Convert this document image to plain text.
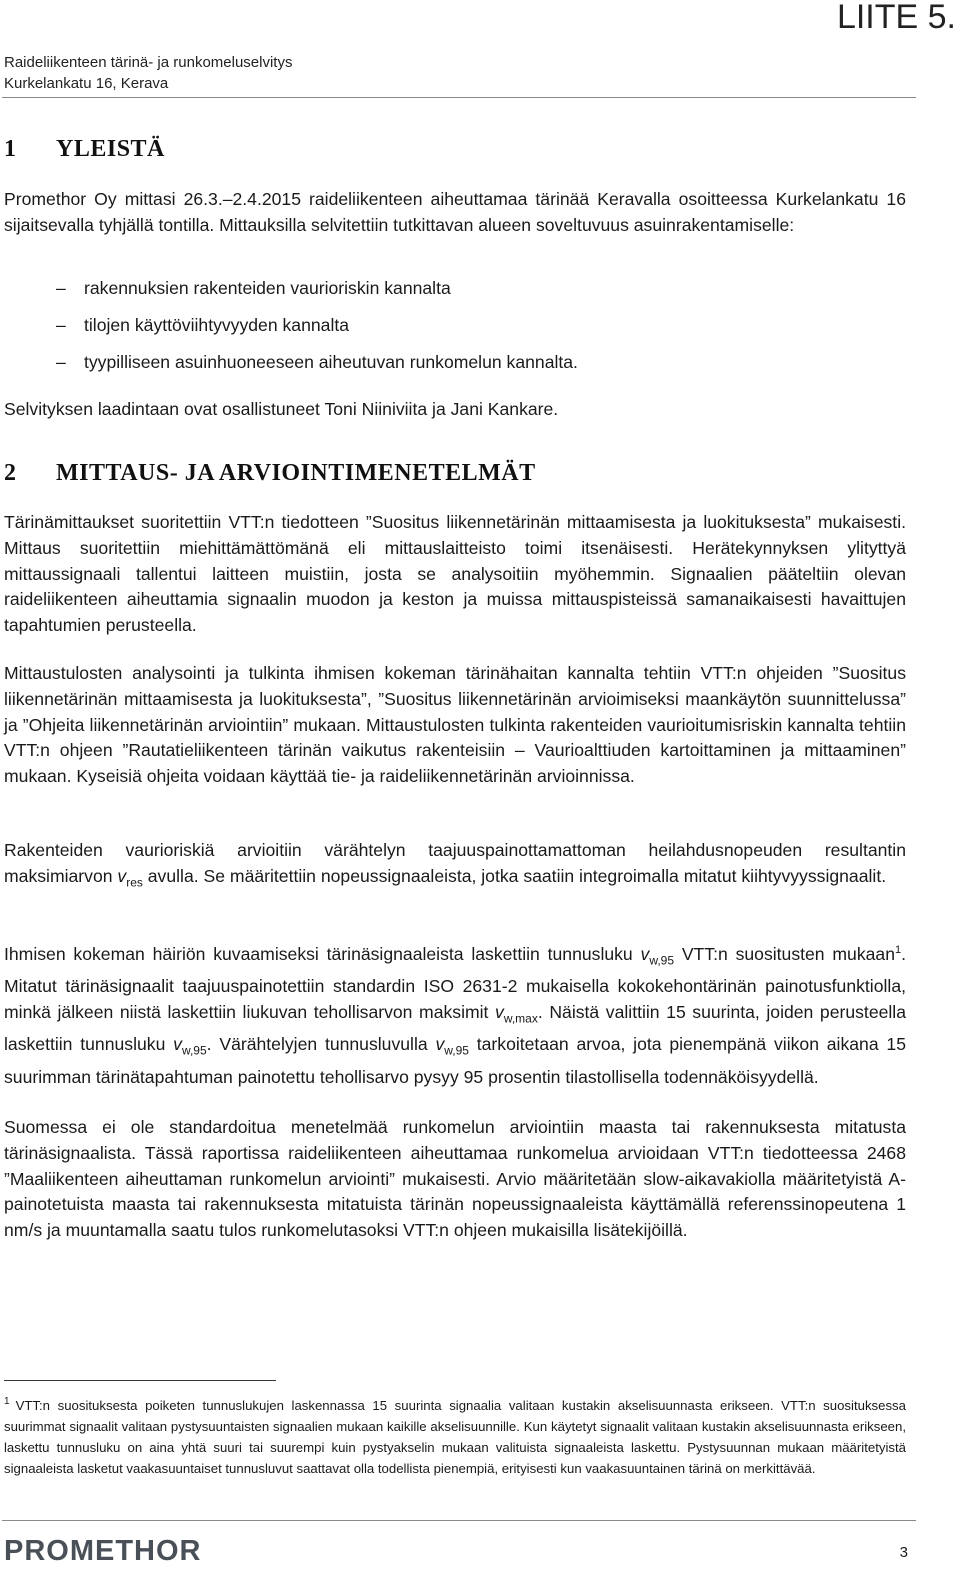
LIITE 5.
Raideliikenteen tärinä- ja runkomeluselvitys
Kurkelankatu 16, Kerava
1 YLEISTÄ

Promethor Oy mittasi 26.3.–2.4.2015 raideliikenteen aiheuttamaa tärinää Keravalla osoitteessa Kurkelankatu 16 sijaitsevalla tyhjällä tontilla. Mittauksilla selvitettiin tutkittavan alueen soveltuvuus asuinrakentamiselle:

– rakennuksien rakenteiden vaurioriskin kannalta
– tilojen käyttöviihtyvyyden kannalta
– tyypilliseen asuinhuoneeseen aiheutuvan runkomelun kannalta.

Selvityksen laadintaan ovat osallistuneet Toni Niiniviita ja Jani Kankare.

2 MITTAUS- JA ARVIOINTIMENETELMÄT

Tärinämittaukset suoritettiin VTT:n tiedotteen ”Suositus liikennetärinän mittaamisesta ja luokituksesta” mukaisesti. Mittaus suoritettiin miehittämättömänä eli mittauslaitteisto toimi itsenäisesti. Herätekynnyksen ylityttyä mittaussignaali tallentui laitteen muistiin, josta se analysoitiin myöhemmin. Signaalien pääteltiin olevan raideliikenteen aiheuttamia signaalin muodon ja keston ja muissa mittauspisteissä samanaikaisesti havaittujen tapahtumien perusteella.

Mittaustulosten analysointi ja tulkinta ihmisen kokeman tärinähaitan kannalta tehtiin VTT:n ohjeiden ”Suositus liikennetärinän mittaamisesta ja luokituksesta”, ”Suositus liikennetärinän arvioimiseksi maankäytön suunnittelussa” ja ”Ohjeita liikennetärinän arviointiin” mukaan. Mittaustulosten tulkinta rakenteiden vaurioitumisriskin kannalta tehtiin VTT:n ohjeen ”Rautatieliikenteen tärinän vaikutus rakenteisiin – Vaurioalttiuden kartoittaminen ja mittaaminen” mukaan. Kyseisiä ohjeita voidaan käyttää tie- ja raideliikennetärinän arvioinnissa.

Rakenteiden vaurioriskiä arvioitiin värähtelyn taajuuspainottamattoman heilahdusnopeuden resultantin maksimiarvon $v_{res}$ avulla. Se määritettiin nopeussignaaleista, jotka saatiin integroimalla mitatut kiihtyvyyssignaalit.

Ihmisen kokeman häiriön kuvaamiseksi tärinäsignaaleista laskettiin tunnusluku $v_{w,95}$ VTT:n suositusten mukaan$^1$. Mitatut tärinäsignaalit taajuuspainotettiin standardin ISO 2631-2 mukaisella kokokehontärinän painotusfunktiolla, minkä jälkeen niistä laskettiin liukuvan tehollisarvon maksimit $v_{w,max}$. Näistä valittiin 15 suurinta, joiden perusteella laskettiin tunnusluku $v_{w,95}$. Värähtelyjen tunnusluvulla $v_{w,95}$ tarkoitetaan arvoa, jota pienempänä viikon aikana 15 suurimman tärinätapahtuman painotettu tehollisarvo pysyy 95 prosentin tilastollisella todennäköisyydellä.

Suomessa ei ole standardoitua menetelmää runkomelun arviointiin maasta tai rakennuksesta mitatusta tärinäsignaalista. Tässä raportissa raideliikenteen aiheuttamaa runkomelua arvioidaan VTT:n tiedotteessa 2468 ”Maaliikenteen aiheuttaman runkomelun arviointi” mukaisesti. Arvio määritetään slow-aikavakiolla määritetyistä A-painotetuista maasta tai rakennuksesta mitatuista tärinän nopeussignaaleista käyttämällä referenssinopeutena 1 nm/s ja muuntamalla saatu tulos runkomelutasoksi VTT:n ohjeen mukaisilla lisätekijöillä.

$^1$ VTT:n suosituksesta poiketen tunnuslukujen laskennassa 15 suurinta signaalia valitaan kustakin akselisuunnasta erikseen. VTT:n suosituksessa suurimmat signaalit valitaan pystysuuntaisten signaalien mukaan kaikille akselisuunnille. Kun käytetyt signaalit valitaan kustakin akselisuunnasta erikseen, laskettu tunnusluku on aina yhtä suuri tai suurempi kuin pystyakselin mukaan valituista signaaleista laskettu. Pystysuunnan mukaan määritetyistä signaaleista lasketut vaakasuuntaiset tunnusluvut saattavat olla todellista pienempiä, erityisesti kun vaakasuuntainen tärinä on merkittävää.

PROMETHOR	3
